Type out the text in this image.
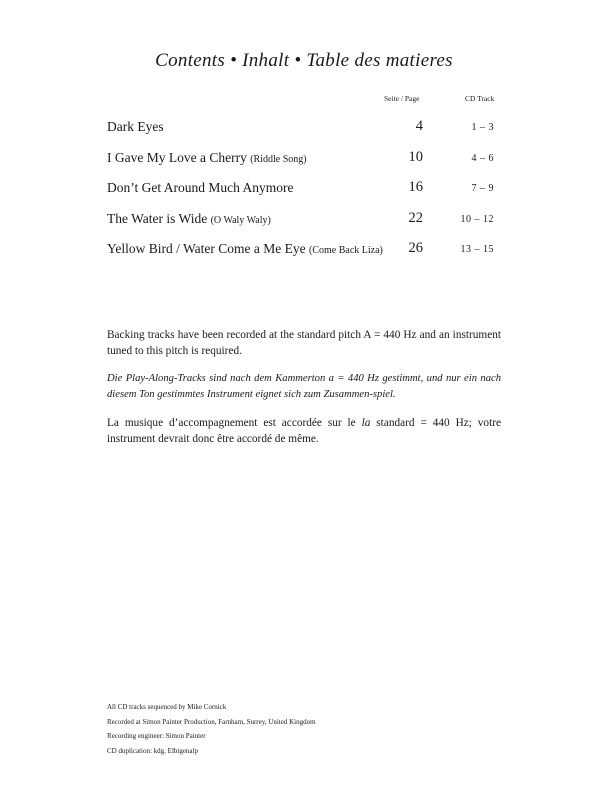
Contents • Inhalt • Table des matieres
Seite / Page	CD Track
Dark Eyes	4	1 – 3
I Gave My Love a Cherry (Riddle Song)	10	4 – 6
Don’t Get Around Much Anymore	16	7 – 9
The Water is Wide (O Waly Waly)	22	10 – 12
Yellow Bird / Water Come a Me Eye (Come Back Liza) 26	13 – 15

Backing tracks have been recorded at the standard pitch A = 440 Hz and an instrument tuned to this pitch is required.

Die Play-Along-Tracks sind nach dem Kammerton a = 440 Hz gestimmt, und nur ein nach diesem Ton gestimmtes Instrument eignet sich zum Zusammen-spiel.

La musique d’accompagnement est accordée sur le la standard = 440 Hz; votre instrument devrait donc être accordé de même.

All CD tracks sequenced by Mike Cornick
Recorded at Simon Painter Production, Farnham, Surrey, United Kingdom
Recording engineer: Simon Painter
CD duplication: kdg, Elbigenalp
